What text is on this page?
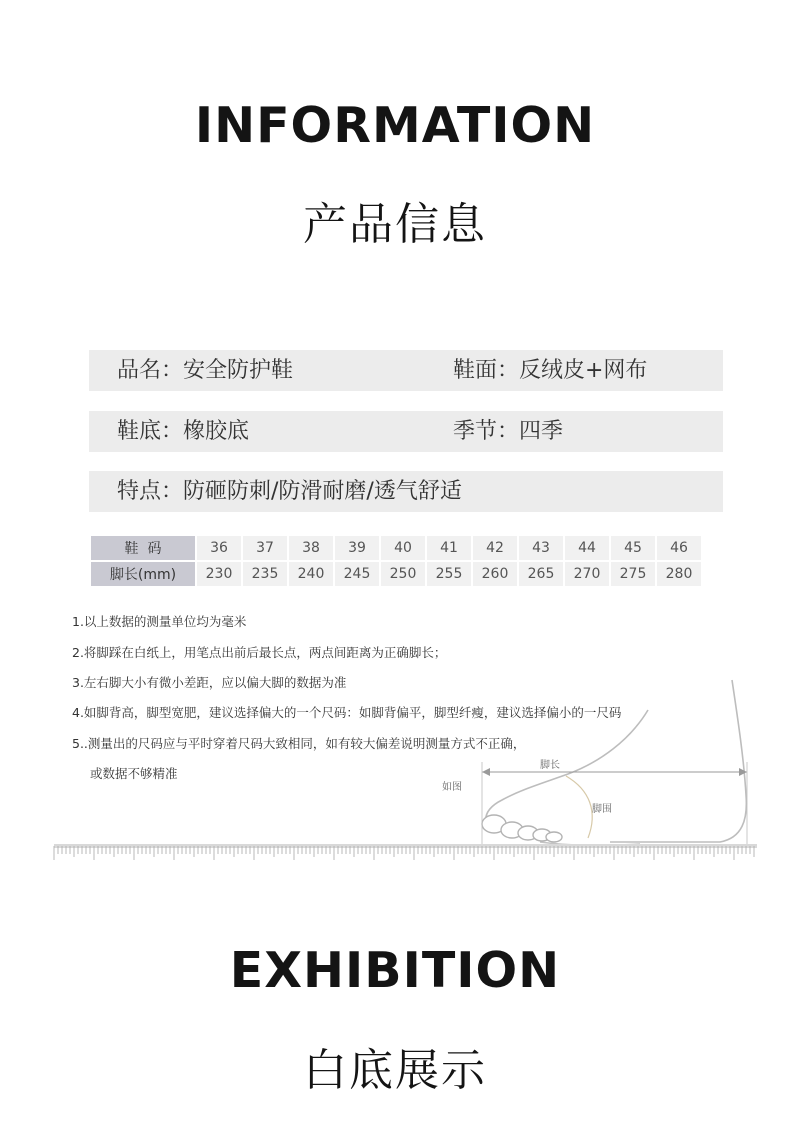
INFORMATION
产品信息
品名：安全防护鞋	鞋面：反绒皮+网布
鞋底：橡胶底	季节：四季
特点：防砸防刺/防滑耐磨/透气舒适
鞋  码	36	37	38	39	40	41	42	43	44	45	46
脚长(mm)	230	235	240	245	250	255	260	265	270	275	280
如图
脚长
脚围
1.以上数据的测量单位均为毫米
2.将脚踩在白纸上，用笔点出前后最长点，两点间距离为正确脚长；
3.左右脚大小有微小差距，应以偏大脚的数据为准
4.如脚背高，脚型宽肥，建议选择偏大的一个尺码：如脚背偏平，脚型纤瘦，建议选择偏小的一尺码
5..测量出的尺码应与平时穿着尺码大致相同，如有较大偏差说明测量方式不正确，
或数据不够精准
EXHIBITION
白底展示
